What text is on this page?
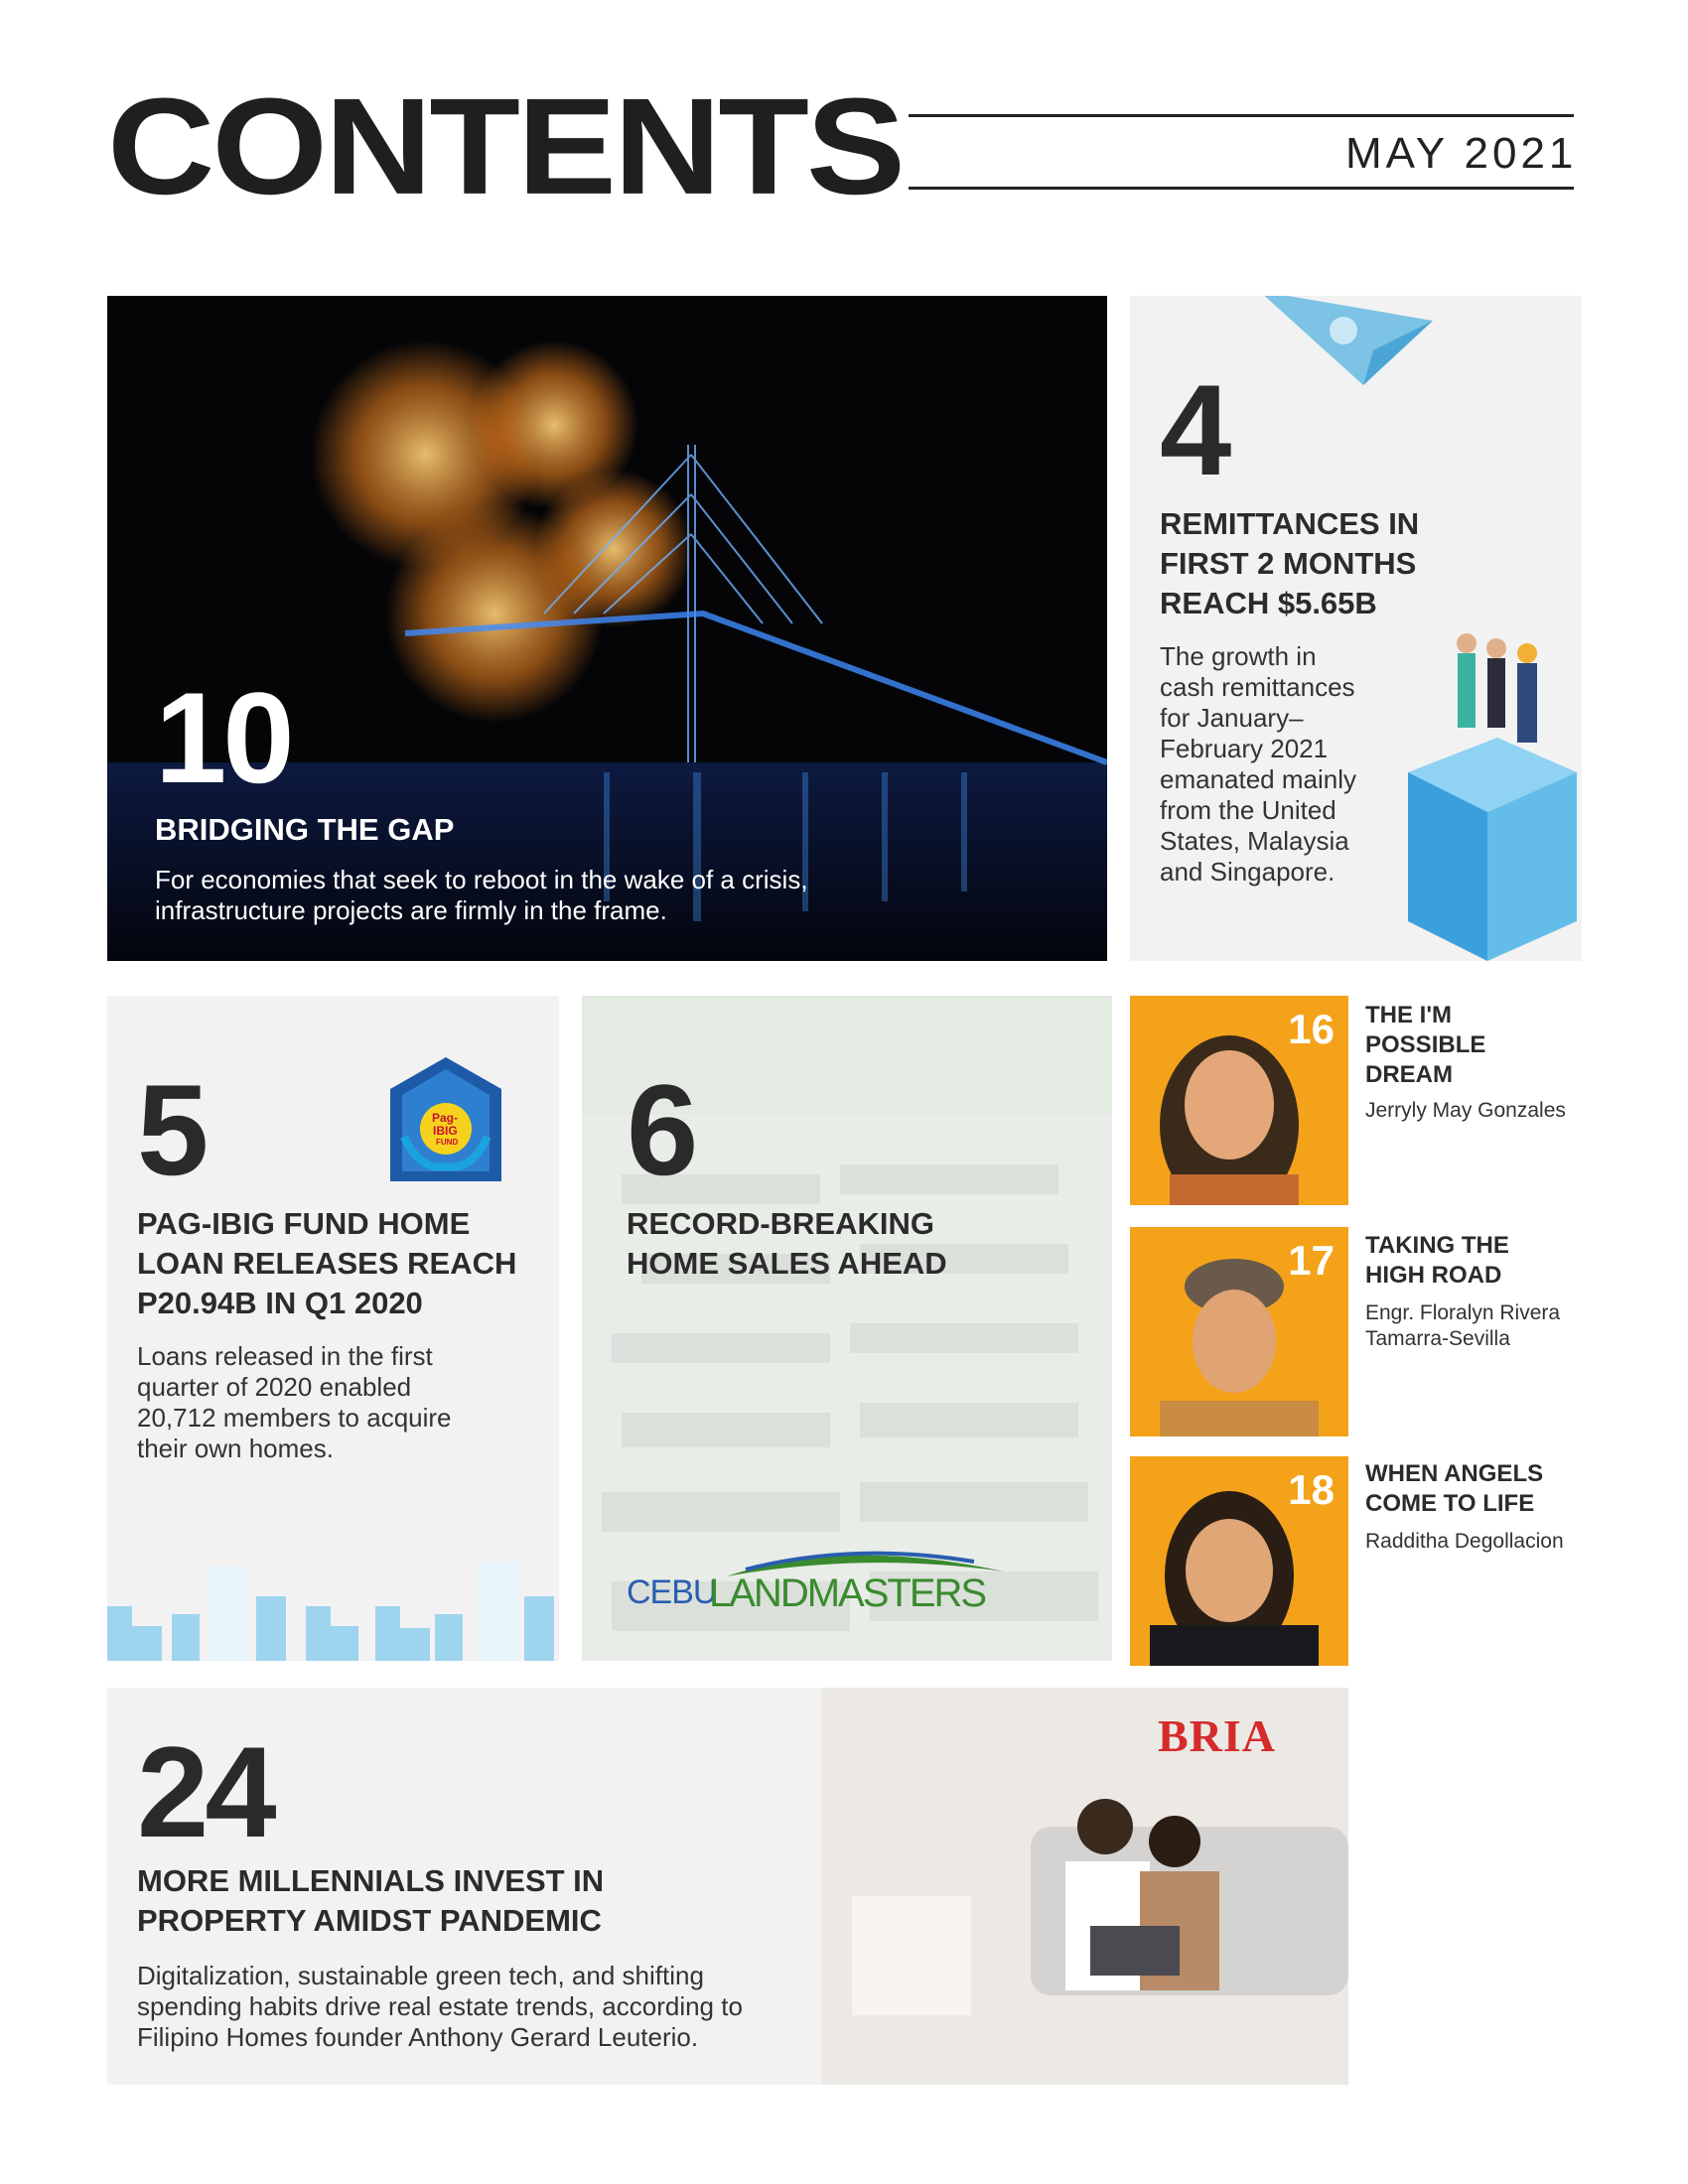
CONTENTS	MAY 2021
10
BRIDGING THE GAP
For economies that seek to reboot in the wake of a crisis,
infrastructure projects are firmly in the frame.
4
REMITTANCES IN
FIRST 2 MONTHS
REACH $5.65B
The growth in
cash remittances
for January–
February 2021
emanated mainly
from the United
States, Malaysia
and Singapore.
5	Pag-
IBIG
FUND
PAG-IBIG FUND HOME
LOAN RELEASES REACH
P20.94B IN Q1 2020
Loans released in the first
quarter of 2020 enabled
20,712 members to acquire
their own homes.
6
RECORD-BREAKING
HOME SALES AHEAD
CEBU
LANDMASTERS
16 THE I'M
POSSIBLE
DREAM
Jerryly May Gonzales
17 TAKING THE
HIGH ROAD
Engr. Floralyn Rivera
Tamarra-Sevilla
18 WHEN ANGELS
COME TO LIFE
Radditha Degollacion
BRIA
24
MORE MILLENNIALS INVEST IN
PROPERTY AMIDST PANDEMIC
Digitalization, sustainable green tech, and shifting
spending habits drive real estate trends, according to
Filipino Homes founder Anthony Gerard Leuterio.
